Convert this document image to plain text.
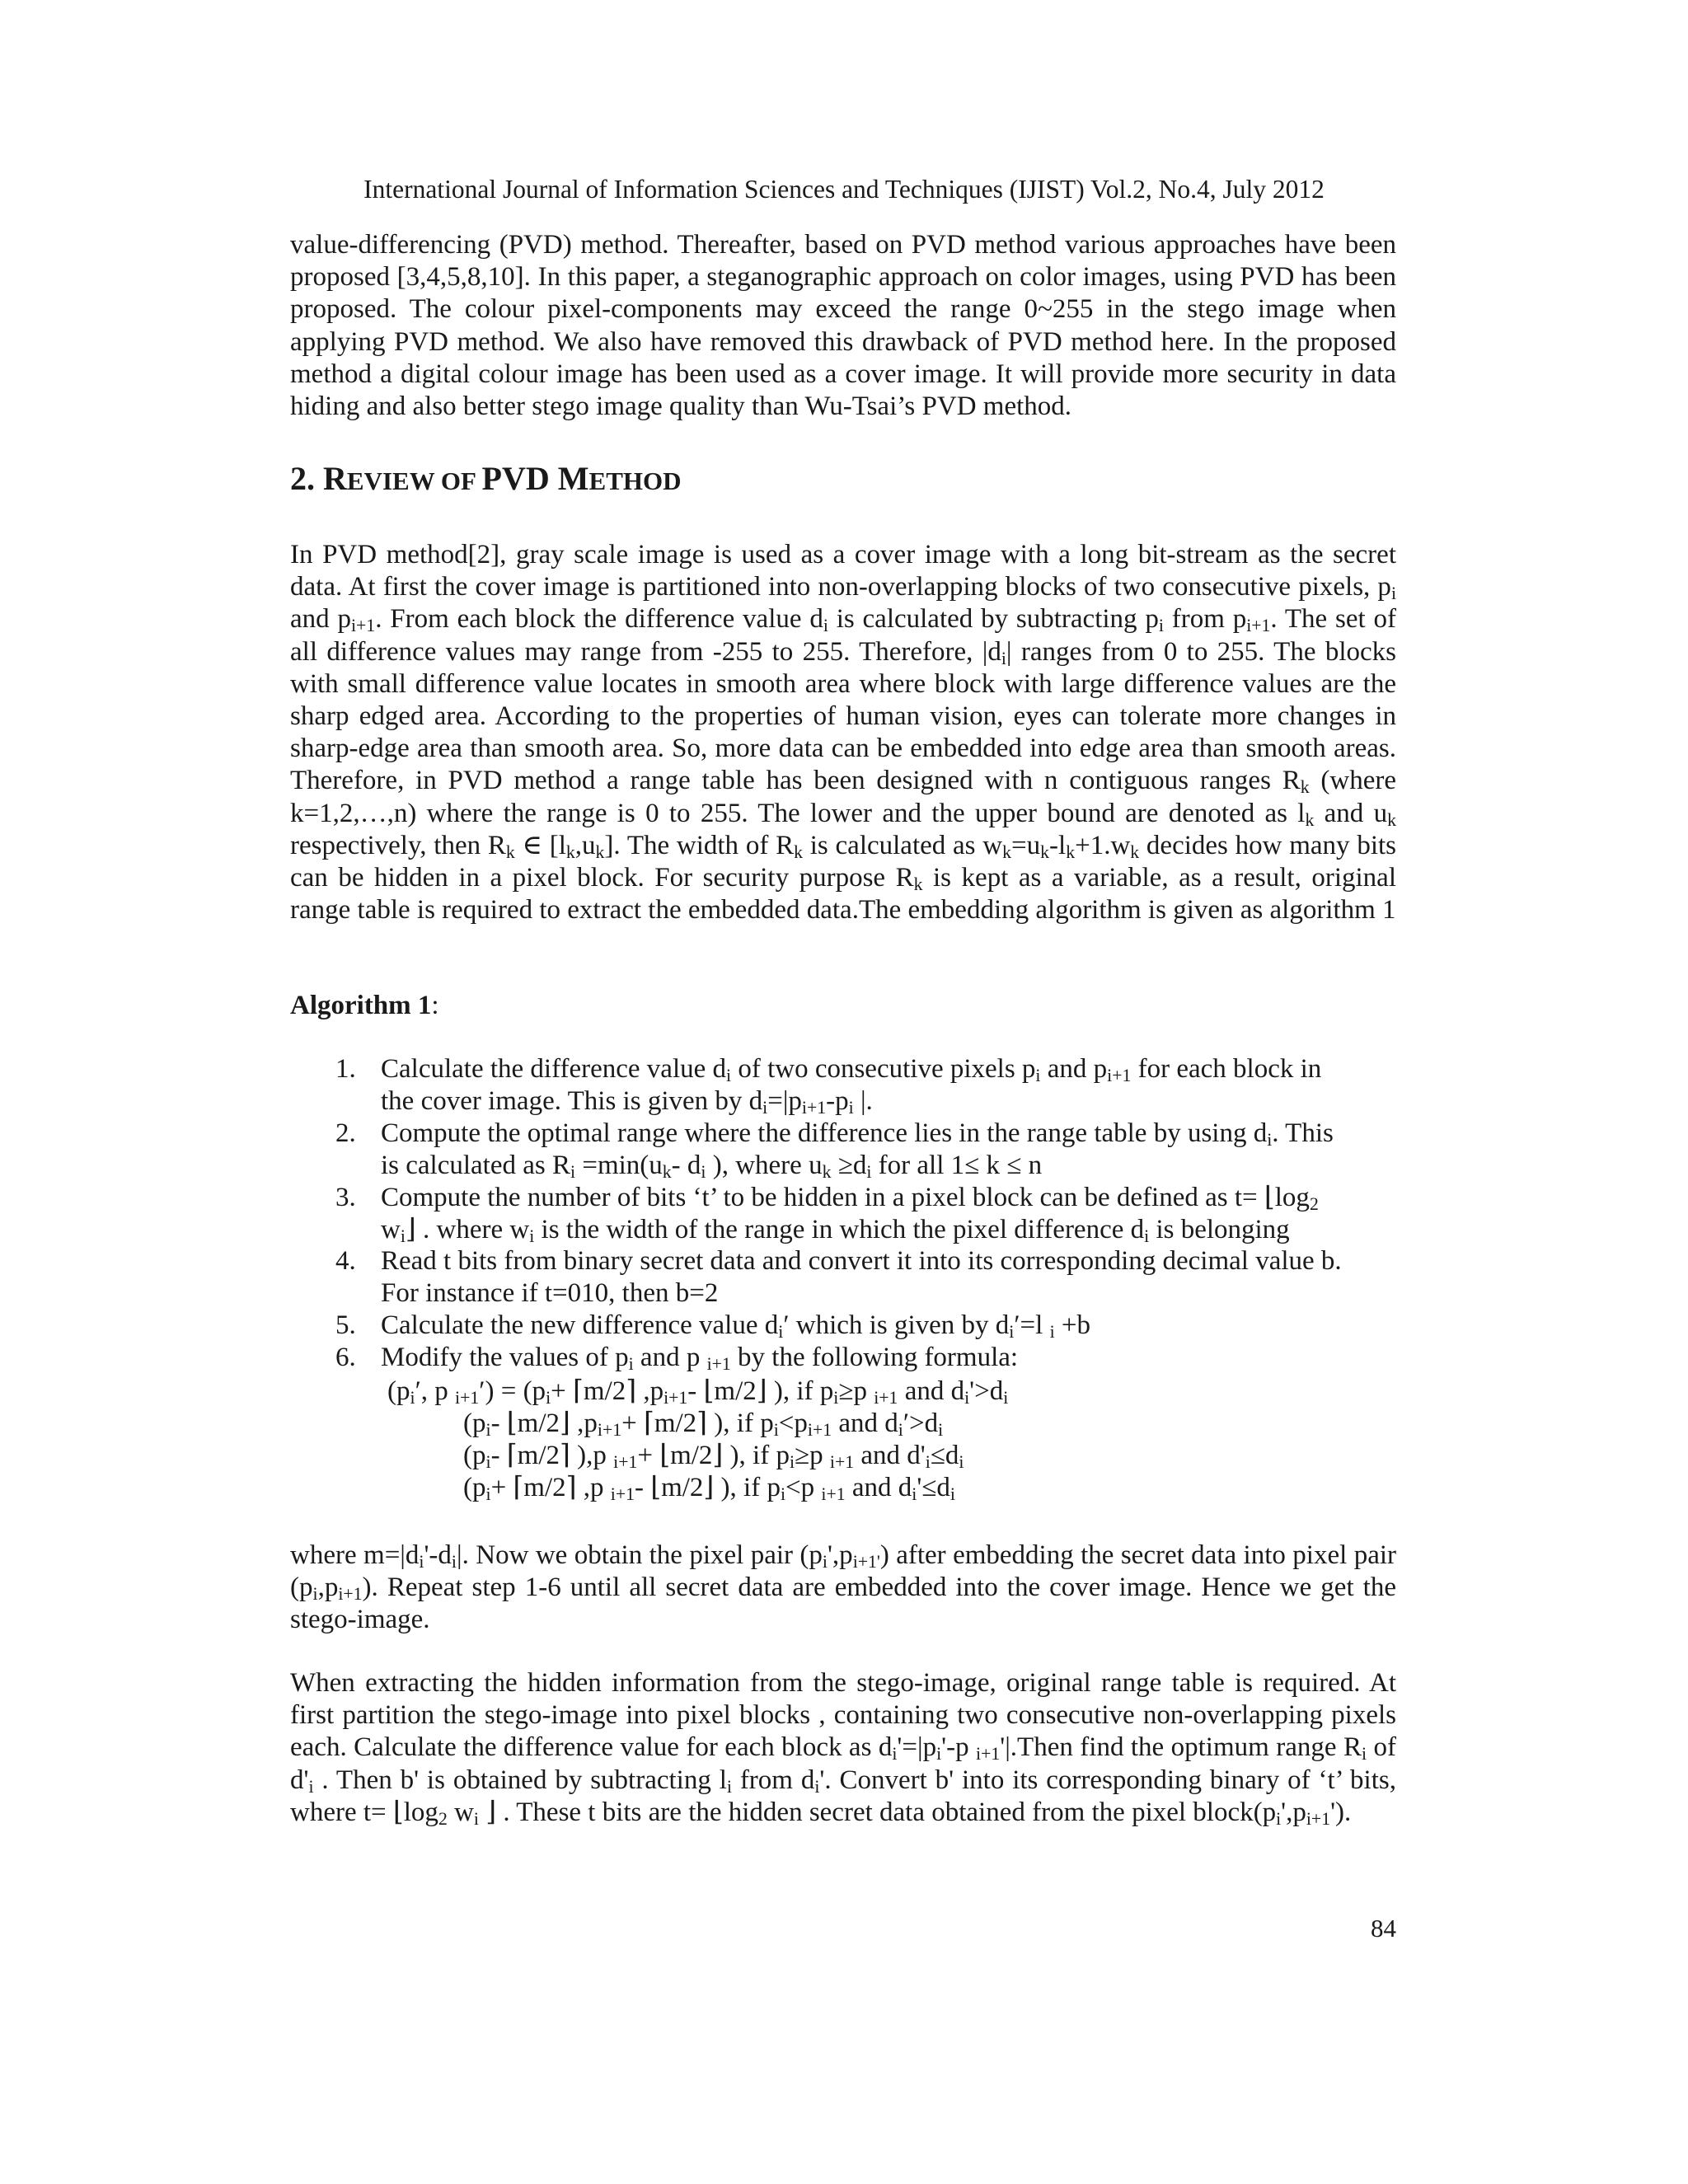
International Journal of Information Sciences and Techniques (IJIST) Vol.2, No.4, July 2012

value-differencing (PVD) method. Thereafter, based on PVD method various approaches have been proposed [3,4,5,8,10]. In this paper, a steganographic approach on color images, using PVD has been proposed. The colour pixel-components may exceed the range 0~255 in the stego image when applying PVD method. We also have removed this drawback of PVD method here. In the proposed method a digital colour image has been used as a cover image. It will provide more security in data hiding and also better stego image quality than Wu-Tsai’s PVD method.

2. REVIEW OF PVD METHOD

In PVD method[2], gray scale image is used as a cover image with a long bit-stream as the secret data. At first the cover image is partitioned into non-overlapping blocks of two consecutive pixels, $p_i$ and $p_{i+1}$. From each block the difference value $d_i$ is calculated by subtracting $p_i$ from $p_{i+1}$. The set of all difference values may range from -255 to 255. Therefore, $|d_i|$ ranges from 0 to 255. The blocks with small difference value locates in smooth area where block with large difference values are the sharp edged area. According to the properties of human vision, eyes can tolerate more changes in sharp-edge area than smooth area. So, more data can be embedded into edge area than smooth areas. Therefore, in PVD method a range table has been designed with n contiguous ranges $R_k$ (where k=1,2,…,n) where the range is 0 to 255. The lower and the upper bound are denoted as $l_k$ and $u_k$ respectively, then $R_k$ ∈ $[l_k,u_k]$. The width of $R_k$ is calculated as $w_k=u_k-l_k+1.w_k$ decides how many bits can be hidden in a pixel block. For security purpose $R_k$ is kept as a variable, as a result, original range table is required to extract the embedded data.The embedding algorithm is given as algorithm 1

Algorithm 1:

1. Calculate the difference value $d_i$ of two consecutive pixels $p_i$ and $p_{i+1}$ for each block in
the cover image. This is given by $d_i=|p_{i+1}-p_i$ |.
2. Compute the optimal range where the difference lies in the range table by using $d_i$. This
is calculated as $R_i =\min(u_k-$ $d_i$ ), where $u_k \ge d_i$ for all 1≤ k ≤ n
3. Compute the number of bits ‘t’ to be hidden in a pixel block can be defined as $t= ⌊\log_2$
$w_i⌋$ . where $w_i$ is the width of the range in which the pixel difference $d_i$ is belonging
4. Read t bits from binary secret data and convert it into its corresponding decimal value b.
For instance if t=010, then b=2
5. Calculate the new difference value $d_i'$ which is given by $d_i'=l$ $_i$ +b
6. Modify the values of $p_i$ and p $_{i+1}$ by the following formula:
($p_i'$, p $_{i+1}') = (p_i+$ ⌈m/2⌉ $,p_{i+1}-$ ⌊m/2⌋ ), if $p_i\ge p$ $_{i+1}$ and $d_i'>d_i$
($p_i-$ ⌊m/2⌋ $,p_{i+1}+$ ⌈m/2⌉ ), if $p_i<p_{i+1}$ and $d_i'>d_i$
($p_i-$ ⌈m/2⌉ ),p $_{i+1}$+ ⌊m/2⌋ ), if $p_i\ge p$ $_{i+1}$ and $d'_i\le d_i$
($p_i+$ ⌈m/2⌉ ,p $_{i+1}$- ⌊m/2⌋ ), if $p_i<p$ $_{i+1}$ and $d_i'\le d_i$

where $m=|d_i'-d_i|$. Now we obtain the pixel pair $(p_i',p_{i+1'})$ after embedding the secret data into pixel pair $(p_i,p_{i+1})$. Repeat step 1-6 until all secret data are embedded into the cover image. Hence we get the stego-image.

When extracting the hidden information from the stego-image, original range table is required. At first partition the stego-image into pixel blocks , containing two consecutive non-overlapping pixels each. Calculate the difference value for each block as $d_i'=|p_i'-p$ $_{i+1}$'|.Then find the optimum range $R_i$ of $d'_i$ . Then b' is obtained by subtracting $l_i$ from $d_i'$. Convert b' into its corresponding binary of ‘t’ bits, where $t= ⌊\log_2$ $w_i$ ⌋ . These t bits are the hidden secret data obtained from the pixel $block(p_i',p_{i+1}')$.

84
